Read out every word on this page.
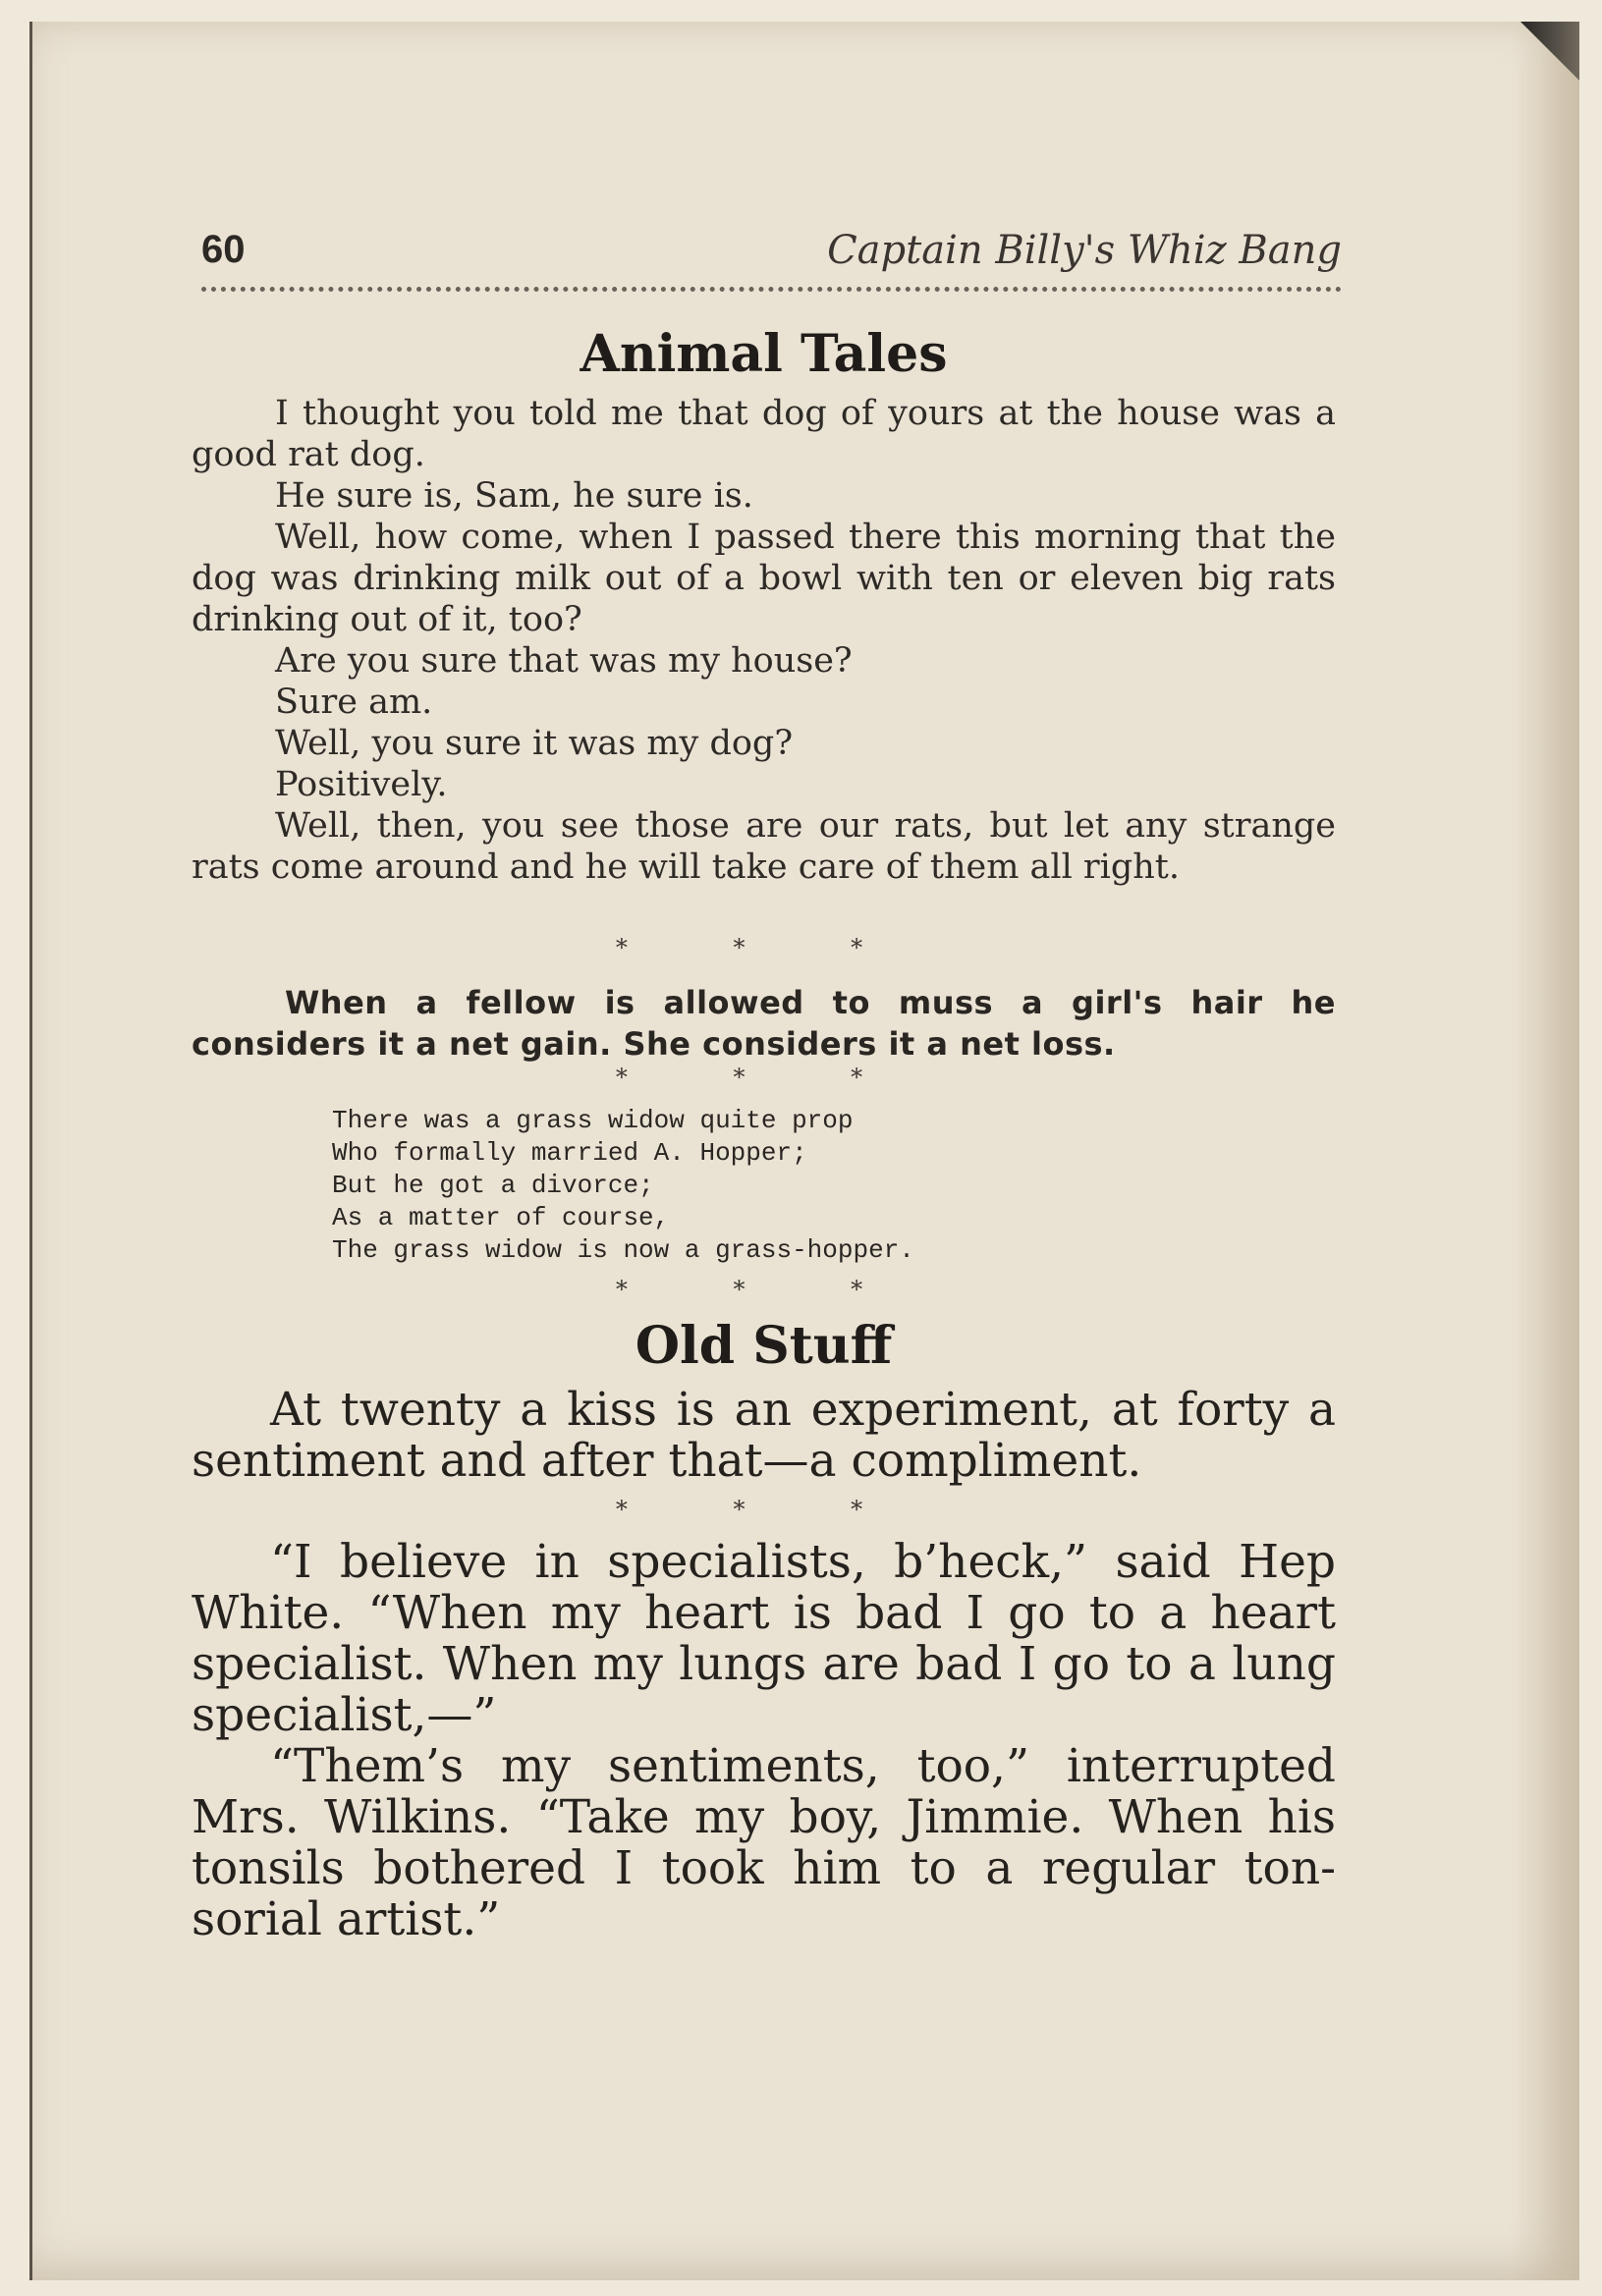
60	Captain Billy's Whiz Bang
Animal Tales

I thought you told me that dog of yours at the house was a good rat dog.

He sure is, Sam, he sure is.

Well, how come, when I passed there this morning that the dog was drinking milk out of a bowl with ten or eleven big rats drinking out of it, too?

Are you sure that was my house?

Sure am.

Well, you sure it was my dog?

Positively.

Well, then, you see those are our rats, but let any strange rats come around and he will take care of them all right.

* * *

When a fellow is allowed to muss a girl's hair he considers it a net gain. She considers it a net loss.

* * *
There was a grass widow quite prop
Who formally married A. Hopper;
But he got a divorce;
As a matter of course,
The grass widow is now a grass-hopper.
* * *
Old Stuff

At twenty a kiss is an experiment, at forty a sentiment and after that—a compliment.

* * *

“I believe in specialists, b’heck,” said Hep White. “When my heart is bad I go to a heart specialist. When my lungs are bad I go to a lung specialist,—”

“Them’s my sentiments, too,” interrupted Mrs. Wilkins. “Take my boy, Jimmie. When his tonsils bothered I took him to a regular ton-sorial artist.”
